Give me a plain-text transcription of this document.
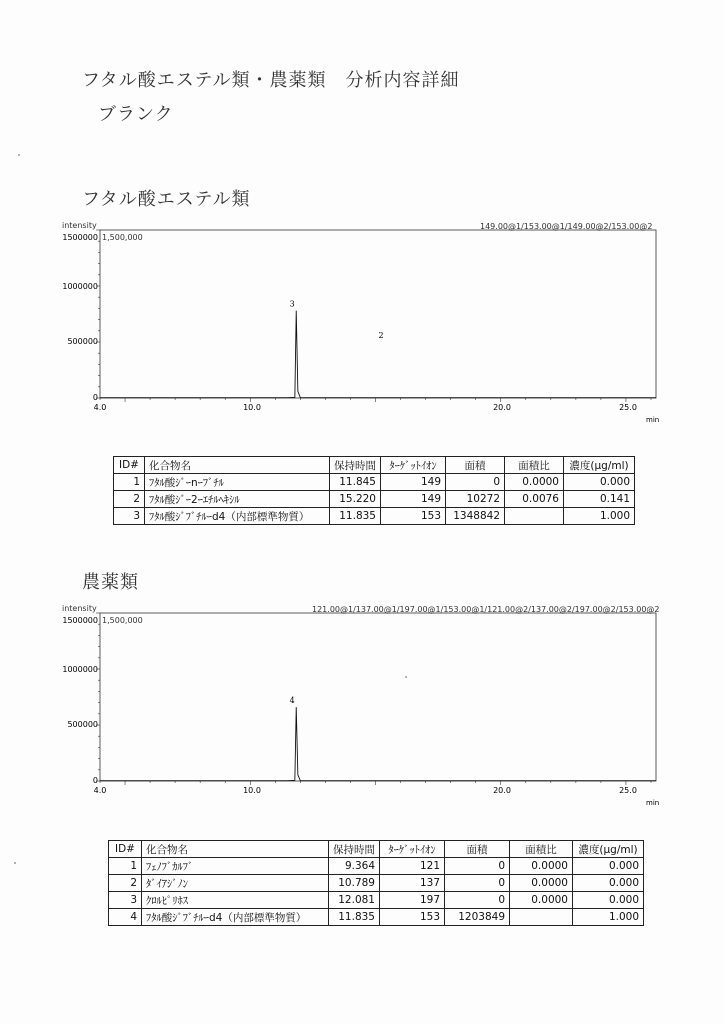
フタル酸エステル類・農薬類　分析内容詳細
ブランク
フタル酸エステル類
intensity	149.00@1/153.00@1/149.00@2/153.00@2
1,500,000
1500000
1000000
500000
0
4.0	10.0	20.0	25.0
min
3
2
ID#	化合物名	保持時間	ﾀｰｹﾞｯﾄｲｵﾝ	面積	面積比	濃度(μg/ml)
1	ﾌﾀﾙ酸ｼﾞｰnｰﾌﾞﾁﾙ	11.845	149	0	0.0000	0.000
2	ﾌﾀﾙ酸ｼﾞｰ2ｰｴﾁﾙﾍｷｼﾙ	15.220	149	10272	0.0076	0.141
3	ﾌﾀﾙ酸ｼﾞﾌﾞﾁﾙｰd4（内部標準物質）	11.835	153	1348842		1.000
農薬類
intensity	121.00@1/137.00@1/197.00@1/153.00@1/121.00@2/137.00@2/197.00@2/153.00@2
1,500,000
1500000
1000000
500000
0
4.0	10.0	20.0	25.0
min
4
ID#	化合物名	保持時間	ﾀｰｹﾞｯﾄｲｵﾝ	面積	面積比	濃度(μg/ml)
1	ﾌｪﾉﾌﾞｶﾙﾌﾞ	9.364	121	0	0.0000	0.000
2	ﾀﾞｲｱｼﾞﾉﾝ	10.789	137	0	0.0000	0.000
3	ｸﾛﾙﾋﾟﾘﾎｽ	12.081	197	0	0.0000	0.000
4	ﾌﾀﾙ酸ｼﾞﾌﾞﾁﾙｰd4（内部標準物質）	11.835	153	1203849		1.000
